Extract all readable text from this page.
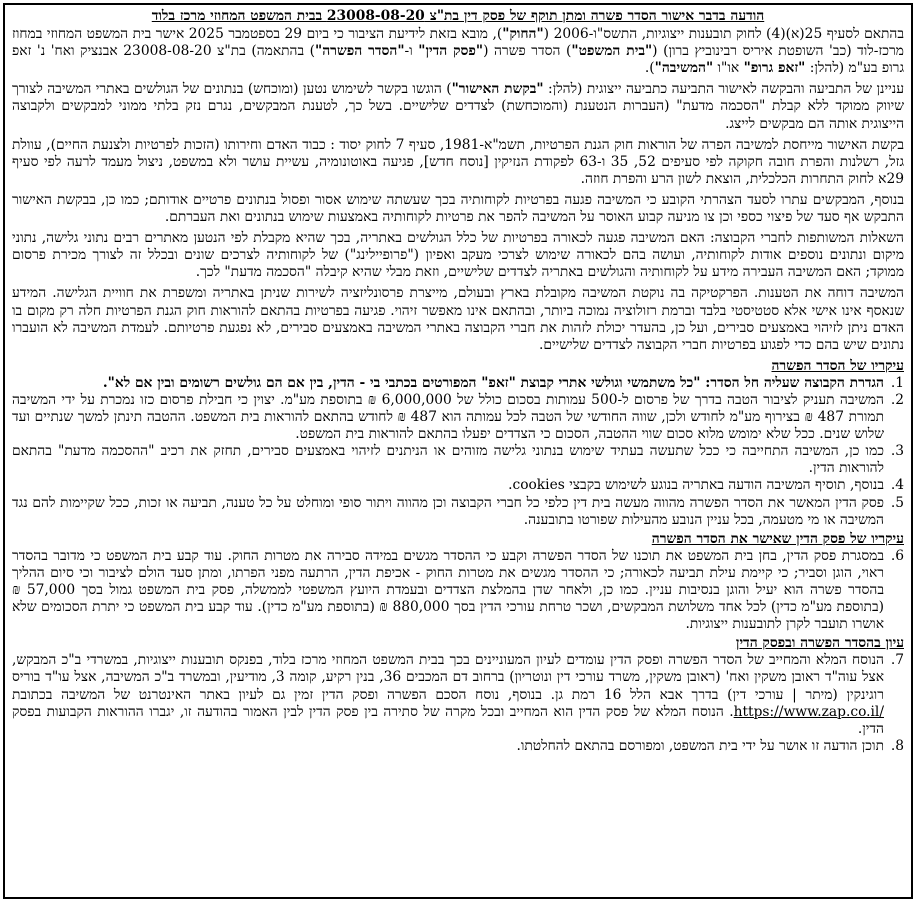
הודעה בדבר אישור הסדר פשרה ומתן תוקף של פסק דין בת"צ 23008-08-20 בבית המשפט המחוזי מרכז בלוד

בהתאם לסעיף 25(א)(4) לחוק תובענות ייצוגיות, התשס"ו-2006 ("החוק"), מובא בזאת לידיעת הציבור כי ביום 29 בספטמבר 2025 אישר בית המשפט המחוזי במחוז מרכז-לוד (כב' השופטת איריס רבינוביץ ברון) ("בית המשפט") הסדר פשרה ("פסק הדין" ו-"הסדר הפשרה") בהתאמה) בת"צ 23008-08-20 אבנציק ואח' נ' זאפ גרופ בע"מ (להלן: "זאפ גרופ" או"ו "המשיבה").

עניינן של התביעה והבקשה לאישור התביעה כתביעה ייצוגית (להלן: "בקשת האישור") הוגשו בקשר לשימוש נטען (ומוכחש) בנתונים של הגולשים באתרי המשיבה לצורך שיווק ממוקד ללא קבלת "הסכמה מדעת" (העברות הנטענת (והמוכחשת) לצדדים שלישיים. בשל כך, לטענת המבקשים, נגרם נזק בלתי ממוני למבקשים ולקבוצה הייצוגית אותה הם מבקשים לייצג.

בקשת האישור מייחסת למשיבה הפרה של הוראות חוק הגנת הפרטיות, תשמ"א-1981, סעיף 7 לחוק יסוד : כבוד האדם וחירותו (הזכות לפרטיות ולצנעת החיים), עוולת גזל, רשלנות והפרת חובה חקוקה לפי סעיפים 52, 35 ו-63 לפקודת הנזיקין [נוסח חדש], פגיעה באוטונומיה, עשיית עושר ולא במשפט, ניצול מעמד לרעה לפי סעיף 29א לחוק התחרות הכלכלית, הוצאת לשון הרע והפרת חוזה.

בנוסף, המבקשים עתרו לסעד הצהרתי הקובע כי המשיבה פגעה בפרטיות לקוחותיה בכך שעשתה שימוש אסור ופסול בנתונים פרטיים אודותם; כמו כן, בבקשת האישור התבקש אף סעד של פיצוי כספי וכן צו מניעה קבוע האוסר על המשיבה להפר את פרטיות לקוחותיה באמצעות שימוש בנתונים ואת העברתם.

השאלות המשותפות לחברי הקבוצה: האם המשיבה פגעה לכאורה בפרטיות של כלל הגולשים באתריה, בכך שהיא מקבלת לפי הנטען מאתרים רבים נתוני גלישה, נתוני מיקום ונתונים נוספים אודות לקוחותיה, ועושה בהם לכאורה שימוש לצרכי מעקב ואפיון ("פרופיילינג") של לקוחותיה לצרכים שונים ובכלל זה לצורך מכירת פרסום ממוקד; האם המשיבה העבירה מידע על לקוחותיה והגולשים באתריה לצדדים שלישיים, וזאת מבלי שהיא קיבלה "הסכמה מדעת" לכך.

המשיבה דוחה את הטענות. הפרקטיקה בה נוקטת המשיבה מקובלת בארץ ובעולם, מייצרת פרסונליזציה לשירות שניתן באתריה ומשפרת את חוויית הגלישה. המידע שנאסף אינו אישי אלא סטטיסטי בלבד וברמת רזולוציה נמוכה ביותר, ובהתאם אינו מאפשר זיהוי. פגיעה בפרטיות בהתאם להוראות חוק הגנת הפרטיות חלה רק מקום בו האדם ניתן לזיהוי באמצעים סבירים, ועל כן, בהעדר יכולת לזהות את חברי הקבוצה באתרי המשיבה באמצעים סבירים, לא נפגעת פרטיותם. לעמדת המשיבה לא הועברו נתונים שיש בהם כדי לפגוע בפרטיות חברי הקבוצה לצדדים שלישיים.

עיקריו של הסדר הפשרה
1.
הגדרת הקבוצה שעליה חל הסדר: "כל משתמשי וגולשי אתרי קבוצת "זאפ" המפורטים בכתבי בי - הדין, בין אם הם גולשים רשומים ובין אם לא".
2.
המשיבה תעניק לציבור הטבה בדרך של פרסום ל-500 עמותות בסכום כולל של 6,000,000 ₪ בתוספת מע"מ. יצוין כי חבילת פרסום כזו נמכרת על ידי המשיבה תמורת 487 ₪ בצירוף מע"מ לחודש ולכן, שווה החודשי של הטבה לכל עמותה הוא 487 ₪ לחודש בהתאם להוראות בית המשפט. ההטבה תינתן למשך שנתיים ועד שלוש שנים. ככל שלא ימומש מלוא סכום שווי ההטבה, הסכום כי הצדדים יפעלו בהתאם להוראות בית המשפט.
3.
כמו כן, המשיבה התחייבה כי ככל שתעשה בעתיד שימוש בנתוני גלישה מזוהים או הניתנים לזיהוי באמצעים סבירים, תחזק את רכיב "ההסכמה מדעת" בהתאם להוראות הדין.
4.
בנוסף, תוסיף המשיבה הודעה באתריה בנוגע לשימוש בקבצי cookies.
5.
פסק הדין המאשר את הסדר הפשרה מהווה מעשה בית דין כלפי כל חברי הקבוצה וכן מהווה ויתור סופי ומוחלט על כל טענה, תביעה או זכות, ככל שקיימות להם נגד המשיבה או מי מטעמה, בכל עניין הנובע מהעילות שפורטו בתובענה.
עיקריו של פסק הדין שאישר את הסדר הפשרה
6.
במסגרת פסק הדין, בחן בית המשפט את תוכנו של הסדר הפשרה וקבע כי ההסדר מגשים במידה סבירה את מטרות החוק. עוד קבע בית המשפט כי מדובר בהסדר ראוי, הוגן וסביר; כי קיימת עילת תביעה לכאורה; כי ההסדר מגשים את מטרות החוק - אכיפת הדין, הרתעה מפני הפרתו, ומתן סעד הולם לציבור וכי סיום ההליך בהסדר פשרה הוא יעיל והוגן בנסיבות עניין. כמו כן, ולאחר שדן בהמלצת הצדדים ובעמדת היועץ המשפטי לממשלה, פסק בית המשפט גמול בסך 57,000 ₪ (בתוספת מע"מ כדין) לכל אחד משלושת המבקשים, ושכר טרחת עורכי הדין בסך 880,000 ₪ (בתוספת מע"מ כדין). עוד קבע בית המשפט כי יתרת הסכומים שלא אושרו תועבר לקרן לתובענות ייצוגיות.
עיון בהסדר הפשרה ובפסק הדין
7.
הנוסח המלא והמחייב של הסדר הפשרה ופסק הדין עומדים לעיון המעוניינים בכך בבית המשפט המחוזי מרכז בלוד, בפנקס תובענות ייצוגיות, במשרדי ב"כ המבקש, אצל עוה"ד ראובן משקין ואח' (ראובן משקין, משרד עורכי דין ונוטריון) ברחוב דם המכבים 36, בנין רקיע, קומה 3, מודיעין, ובמשרד ב"כ המשיבה, אצל עו"ד בוריס רוגינקין (מיתר | עורכי דין) בדרך אבא הלל 16 רמת גן. בנוסף, נוסח הסכם הפשרה ופסק הדין זמין גם לעיון באתר האינטרנט של המשיבה בכתובת https://www.zap.co.il/. הנוסח המלא של פסק הדין הוא המחייב ובכל מקרה של סתירה בין פסק הדין לבין האמור בהודעה זו, יגברו ההוראות הקבועות בפסק הדין.
8.
תוכן הודעה זו אושר על ידי בית המשפט, ומפורסם בהתאם להחלטתו.
